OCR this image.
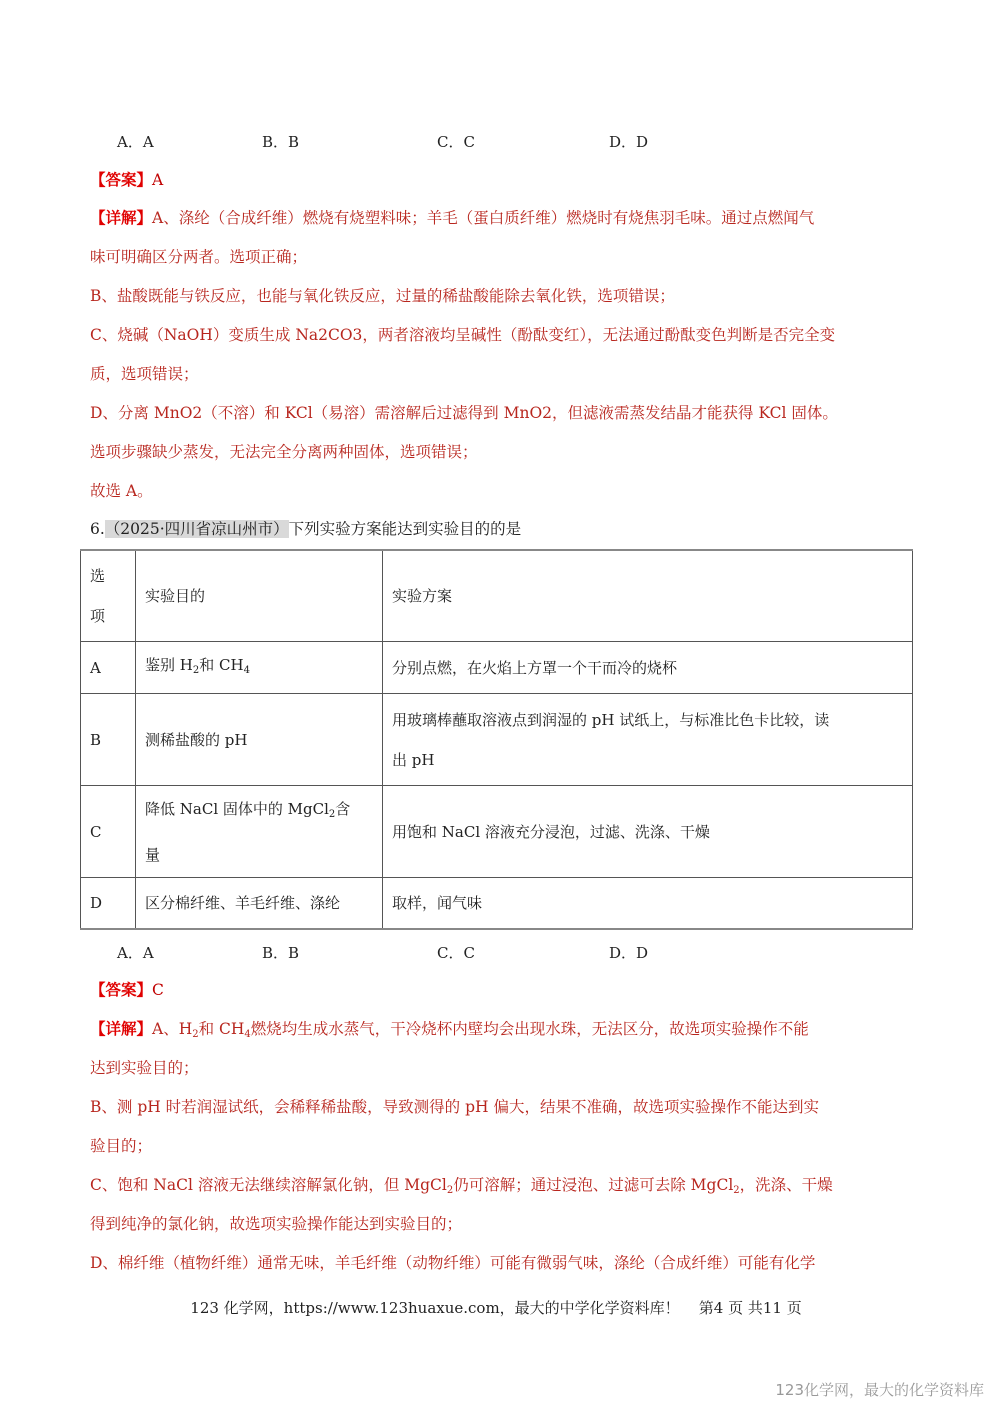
A．A	B．B	C．C	D．D
【答案】A
【详解】A、涤纶（合成纤维）燃烧有烧塑料味；羊毛（蛋白质纤维）燃烧时有烧焦羽毛味。通过点燃闻气
味可明确区分两者。选项正确；
B、盐酸既能与铁反应，也能与氧化铁反应，过量的稀盐酸能除去氧化铁，选项错误；
C、烧碱（NaOH）变质生成 Na2CO3，两者溶液均呈碱性（酚酞变红），无法通过酚酞变色判断是否完全变
质，选项错误；
D、分离 MnO2（不溶）和 KCl（易溶）需溶解后过滤得到 MnO2，但滤液需蒸发结晶才能获得 KCl 固体。
选项步骤缺少蒸发，无法完全分离两种固体，选项错误；
故选 A。
6.（2025·四川省凉山州市）下列实验方案能达到实验目的的是
选
项	实验目的	实验方案
A	鉴别 $H_2$和 $CH_4$	分别点燃，在火焰上方罩一个干而冷的烧杯
B	测稀盐酸的 pH	用玻璃棒蘸取溶液点到润湿的 pH 试纸上，与标准比色卡比较，读
出 pH
C	降低 NaCl 固体中的 MgCl$_2$含
量	用饱和 NaCl 溶液充分浸泡，过滤、洗涤、干燥
D	区分棉纤维、羊毛纤维、涤纶	取样，闻气味
A．A	B．B	C．C	D．D
【答案】C
【详解】A、$H_2$和 $CH_4$燃烧均生成水蒸气，干冷烧杯内壁均会出现水珠，无法区分，故选项实验操作不能
达到实验目的；
B、测 pH 时若润湿试纸，会稀释稀盐酸，导致测得的 pH 偏大，结果不准确，故选项实验操作不能达到实
验目的；
C、饱和 NaCl 溶液无法继续溶解氯化钠，但 MgCl$_2$仍可溶解；通过浸泡、过滤可去除 MgCl$_2$，洗涤、干燥
得到纯净的氯化钠，故选项实验操作能达到实验目的；
D、棉纤维（植物纤维）通常无味，羊毛纤维（动物纤维）可能有微弱气味，涤纶（合成纤维）可能有化学
123 化学网，https://www.123huaxue.com，最大的中学化学资料库！ 第4 页 共11 页
123化学网，最大的化学资料库
